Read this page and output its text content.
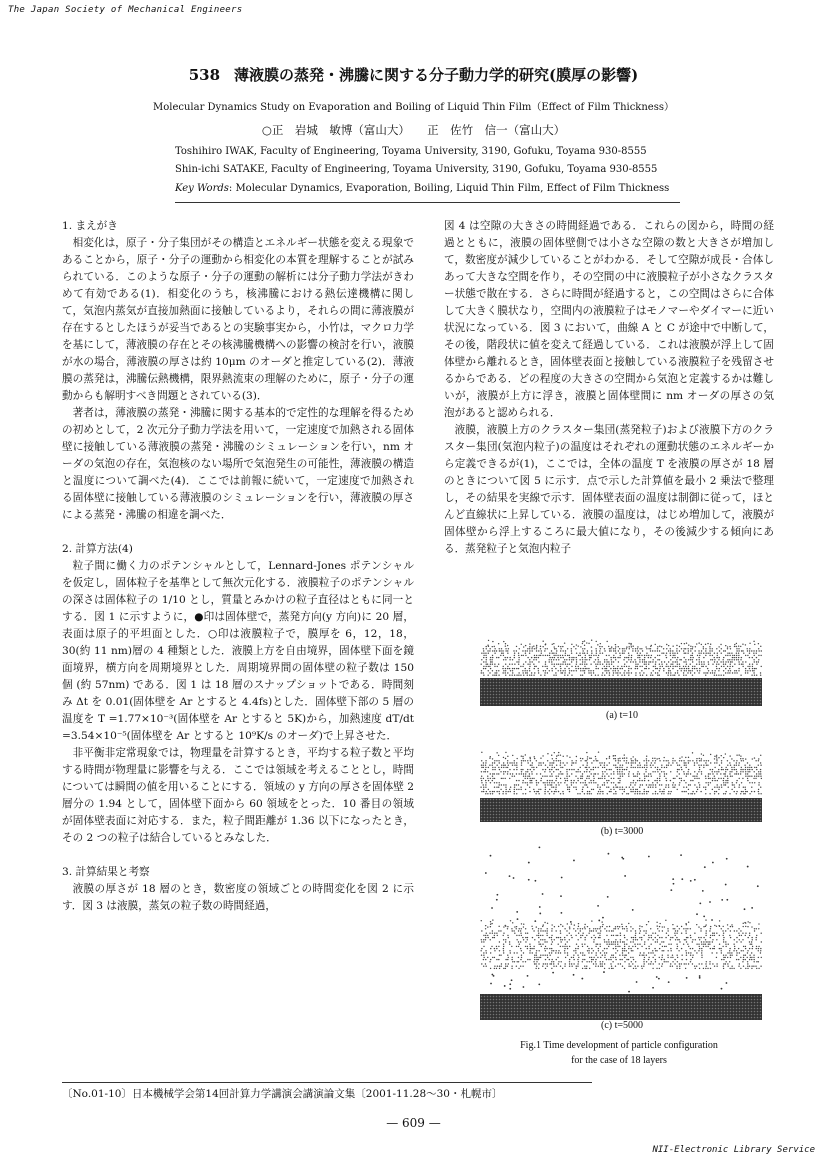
The Japan Society of Mechanical Engineers
538 薄液膜の蒸発・沸騰に関する分子動力学的研究(膜厚の影響)
Molecular Dynamics Study on Evaporation and Boiling of Liquid Thin Film（Effect of Film Thickness）
○正　岩城　敏博（富山大）　　正　佐竹　信一（富山大）
Toshihiro IWAK, Faculty of Engineering, Toyama University, 3190, Gofuku, Toyama 930-8555
Shin-ichi SATAKE, Faculty of Engineering, Toyama University, 3190, Gofuku, Toyama 930-8555
Key Words: Molecular Dynamics, Evaporation, Boiling, Liquid Thin Film, Effect of Film Thickness

1. まえがき

相変化は，原子・分子集団がその構造とエネルギー状態を変える現象であることから，原子・分子の運動から相変化の本質を理解することが試みられている．このような原子・分子の運動の解析には分子動力学法がきわめて有効である(1)．相変化のうち，核沸騰における熱伝達機構に関して，気泡内蒸気が直接加熱面に接触しているより，それらの間に薄液膜が存在するとしたほうが妥当であるとの実験事実から，小竹は，マクロ力学を基にして，薄液膜の存在とその核沸騰機構への影響の検討を行い，液膜が水の場合，薄液膜の厚さは約 10μm のオーダと推定している(2)．薄液膜の蒸発は，沸騰伝熱機構，限界熱流束の理解のために，原子・分子の運動からも解明すべき問題とされている(3)．

著者は，薄液膜の蒸発・沸騰に関する基本的で定性的な理解を得るための初めとして，2 次元分子動力学法を用いて，一定速度で加熱される固体壁に接触している薄液膜の蒸発・沸騰のシミュレーションを行い，nm オーダの気泡の存在，気泡核のない場所で気泡発生の可能性，薄液膜の構造と温度について調べた(4)．ここでは前報に続いて，一定速度で加熱される固体壁に接触している薄液膜のシミュレーションを行い，薄液膜の厚さによる蒸発・沸騰の相違を調べた．

2. 計算方法(4)

粒子間に働く力のポテンシャルとして，Lennard-Jones ポテンシャルを仮定し，固体粒子を基準として無次元化する．液膜粒子のポテンシャルの深さは固体粒子の 1/10 とし，質量とみかけの粒子直径はともに同一とする．図 1 に示すように，●印は固体壁で，蒸発方向(y 方向)に 20 層，表面は原子的平坦面とした．○印は液膜粒子で，膜厚を 6，12，18，30(約 11 nm)層の 4 種類とした．液膜上方を自由境界，固体壁下面を鏡面境界，横方向を周期境界とした．周期境界間の固体壁の粒子数は 150 個 (約 57nm) である．図 1 は 18 層のスナップショットである．時間刻み Δt を 0.01(固体壁を Ar とすると 4.4fs)とした．固体壁下部の 5 層の温度を T =1.77×10⁻³(固体壁を Ar とすると 5K)から，加熱速度 dT/dt =3.54×10⁻⁵(固体壁を Ar とすると 10⁹K/s のオーダ)で上昇させた．

非平衡非定常現象では，物理量を計算するとき，平均する粒子数と平均する時間が物理量に影響を与える．ここでは領域を考えることとし，時間については瞬間の値を用いることにする．領域の y 方向の厚さを固体壁 2 層分の 1.94 として，固体壁下面から 60 領域をとった．10 番目の領域が固体壁表面に対応する．また，粒子間距離が 1.36 以下になったとき，その 2 つの粒子は結合しているとみなした．

3. 計算結果と考察

液膜の厚さが 18 層のとき，数密度の領域ごとの時間変化を図 2 に示す．図 3 は液膜，蒸気の粒子数の時間経過，

図 4 は空隙の大きさの時間経過である．これらの図から，時間の経過とともに，液膜の固体壁側では小さな空隙の数と大きさが増加して，数密度が減少していることがわかる．そして空隙が成長・合体しあって大きな空間を作り，その空間の中に液膜粒子が小さなクラスター状態で散在する．さらに時間が経過すると，この空間はさらに合体して大きく膜状なり，空間内の液膜粒子はモノマーやダイマーに近い状況になっている．図 3 において，曲線 A と C が途中で中断して，その後，階段状に値を変えて経過している．これは液膜が浮上して固体壁から離れるとき，固体壁表面と接触している液膜粒子を残留させるからである．どの程度の大きさの空間から気泡と定義するかは難しいが，液膜が上方に浮き，液膜と固体壁間に nm オーダの厚さの気泡があると認められる．

液膜，液膜上方のクラスター集団(蒸発粒子)および液膜下方のクラスター集団(気泡内粒子)の温度はそれぞれの運動状態のエネルギーから定義できるが(1)，ここでは，全体の温度 T を液膜の厚さが 18 層のときについて図 5 に示す．点で示した計算値を最小 2 乗法で整理し，その結果を実線で示す．固体壁表面の温度は制御に従って，ほとんど直線状に上昇している．液膜の温度は，はじめ増加して，液膜が固体壁から浮上するころに最大値になり，その後減少する傾向にある．蒸発粒子と気泡内粒子

(a) t=10
(b) t=3000
(c) t=5000
Fig.1 Time development of particle configuration
for the case of 18 layers
〔No.01-10〕日本機械学会第14回計算力学講演会講演論文集〔2001-11.28～30・札幌市〕
— 609 —
NII-Electronic Library Service
